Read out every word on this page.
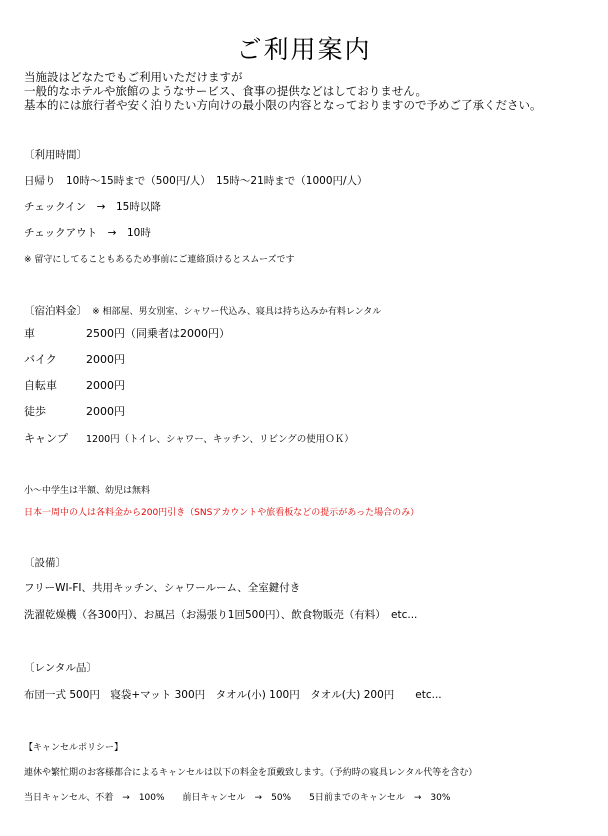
ご利用案内
当施設はどなたでもご利用いただけますが
一般的なホテルや旅館のようなサービス、食事の提供などはしておりません。
基本的には旅行者や安く泊りたい方向けの最小限の内容となっておりますので予めご了承ください。
〔利用時間〕
日帰り　10時～15時まで（500円/人）　15時～21時まで（1000円/人）
チェックイン　→　15時以降
チェックアウト　→　10時
※ 留守にしてることもあるため事前にご連絡頂けるとスムーズです
〔宿泊料金〕 ※ 相部屋、男女別室、シャワー代込み、寝具は持ち込みか有料レンタル
車	2500円（同乗者は2000円）
バイク	2000円
自転車	2000円
徒歩	2000円
キャンプ 1200円（トイレ、シャワー、キッチン、リビングの使用ＯＫ）
小～中学生は半額、幼児は無料
日本一周中の人は各料金から200円引き（SNSアカウントや旅看板などの提示があった場合のみ）
〔設備〕
フリーWI-FI、共用キッチン、シャワールーム、全室鍵付き
洗濯乾燥機（各300円）、お風呂（お湯張り1回500円）、飲食物販売（有料）　etc...
〔レンタル品〕
布団一式 500円　寝袋+マット 300円　タオル(小) 100円　タオル(大) 200円　　etc...
【キャンセルポリシー】
連休や繁忙期のお客様都合によるキャンセルは以下の料金を頂戴致します。（予約時の寝具レンタル代等を含む）
当日キャンセル、不着　→　100%　　前日キャンセル　→　50%　　5日前までのキャンセル　→　30%
